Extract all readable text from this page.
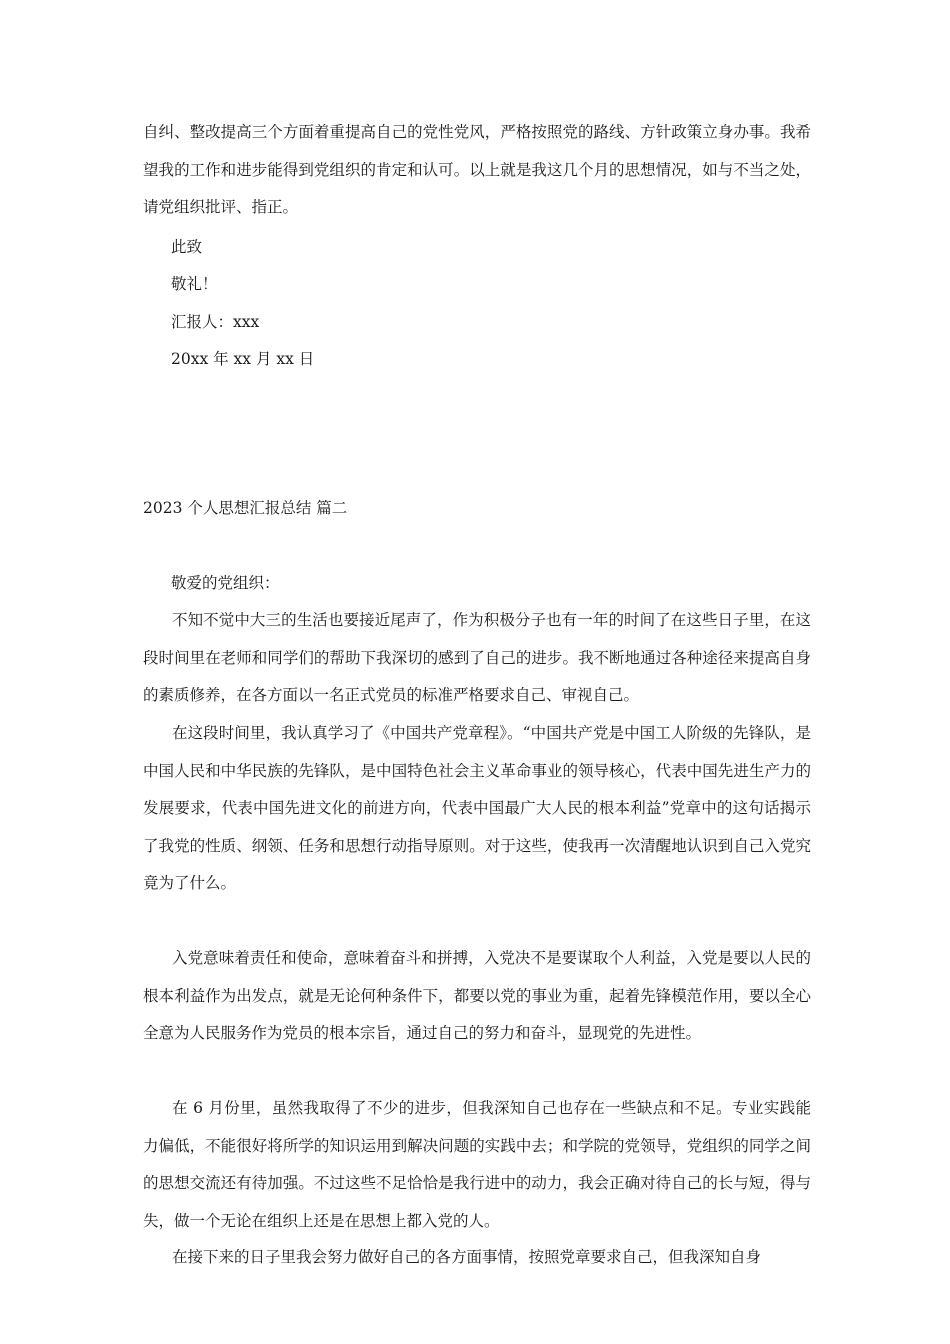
自纠、整改提高三个方面着重提高自己的党性党风，严格按照党的路线、方针政策立身办事。我希望我的工作和进步能得到党组织的肯定和认可。以上就是我这几个月的思想情况，如与不当之处，请党组织批评、指正。

此致

敬礼！

汇报人：xxx

20xx 年 xx 月 xx 日

2023 个人思想汇报总结 篇二

敬爱的党组织：

不知不觉中大三的生活也要接近尾声了，作为积极分子也有一年的时间了在这些日子里，在这段时间里在老师和同学们的帮助下我深切的感到了自己的进步。我不断地通过各种途径来提高自身的素质修养，在各方面以一名正式党员的标准严格要求自己、审视自己。

在这段时间里，我认真学习了《中国共产党章程》。“中国共产党是中国工人阶级的先锋队，是中国人民和中华民族的先锋队，是中国特色社会主义革命事业的领导核心，代表中国先进生产力的发展要求，代表中国先进文化的前进方向，代表中国最广大人民的根本利益”党章中的这句话揭示了我党的性质、纲领、任务和思想行动指导原则。对于这些，使我再一次清醒地认识到自己入党究竟为了什么。

入党意味着责任和使命，意味着奋斗和拼搏，入党决不是要谋取个人利益，入党是要以人民的根本利益作为出发点，就是无论何种条件下，都要以党的事业为重，起着先锋模范作用，要以全心全意为人民服务作为党员的根本宗旨，通过自己的努力和奋斗，显现党的先进性。

在 6 月份里，虽然我取得了不少的进步，但我深知自己也存在一些缺点和不足。专业实践能力偏低，不能很好将所学的知识运用到解决问题的实践中去；和学院的党领导，党组织的同学之间的思想交流还有待加强。不过这些不足恰恰是我行进中的动力，我会正确对待自己的长与短，得与失，做一个无论在组织上还是在思想上都入党的人。

在接下来的日子里我会努力做好自己的各方面事情，按照党章要求自己，但我深知自身
